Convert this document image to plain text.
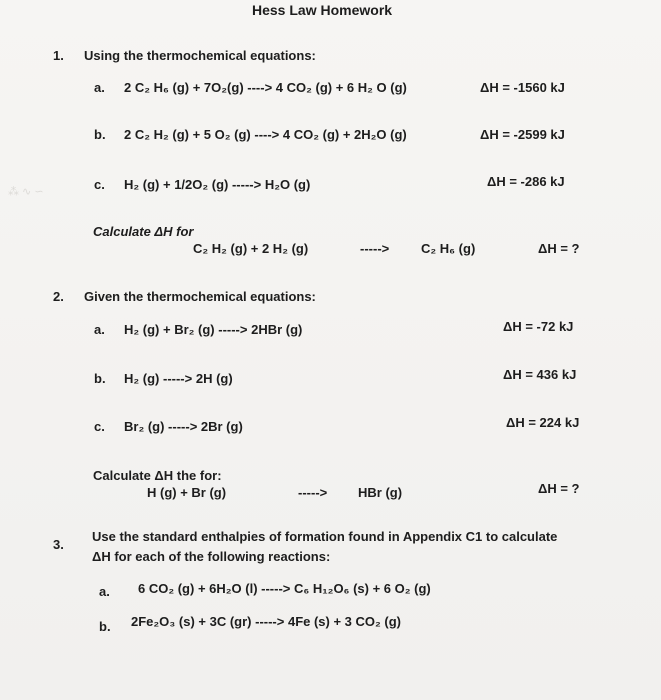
⁂ ∿ ∽
Hess Law Homework
1. Using the thermochemical equations:
a. 2 C₂ H₆ (g) + 7O₂(g) ----> 4 CO₂ (g) + 6 H₂ O (g)	ΔH = -1560 kJ
b. 2 C₂ H₂ (g) + 5 O₂ (g) ----> 4 CO₂ (g) + 2H₂O (g)	ΔH = -2599 kJ
c. H₂ (g) + 1/2O₂ (g) -----> H₂O (g)	ΔH = -286 kJ
Calculate ΔH for
C₂ H₂ (g) + 2 H₂ (g)	-----> C₂ H₆ (g)	ΔH = ?
2. Given the thermochemical equations:
a. H₂ (g) + Br₂ (g) -----> 2HBr (g)	ΔH = -72 kJ
b. H₂ (g) -----> 2H (g)	ΔH = 436 kJ
c. Br₂ (g) -----> 2Br (g)	ΔH = 224 kJ
Calculate ΔH the for:
H (g) + Br (g)	-----> HBr (g)	ΔH = ?
3.
Use the standard enthalpies of formation found in Appendix C1 to calculate
ΔH for each of the following reactions:
a. 6 CO₂ (g) + 6H₂O (l) -----> C₆ H₁₂O₆ (s) + 6 O₂ (g)
b. 2Fe₂O₃ (s) + 3C (gr) -----> 4Fe (s) + 3 CO₂ (g)
